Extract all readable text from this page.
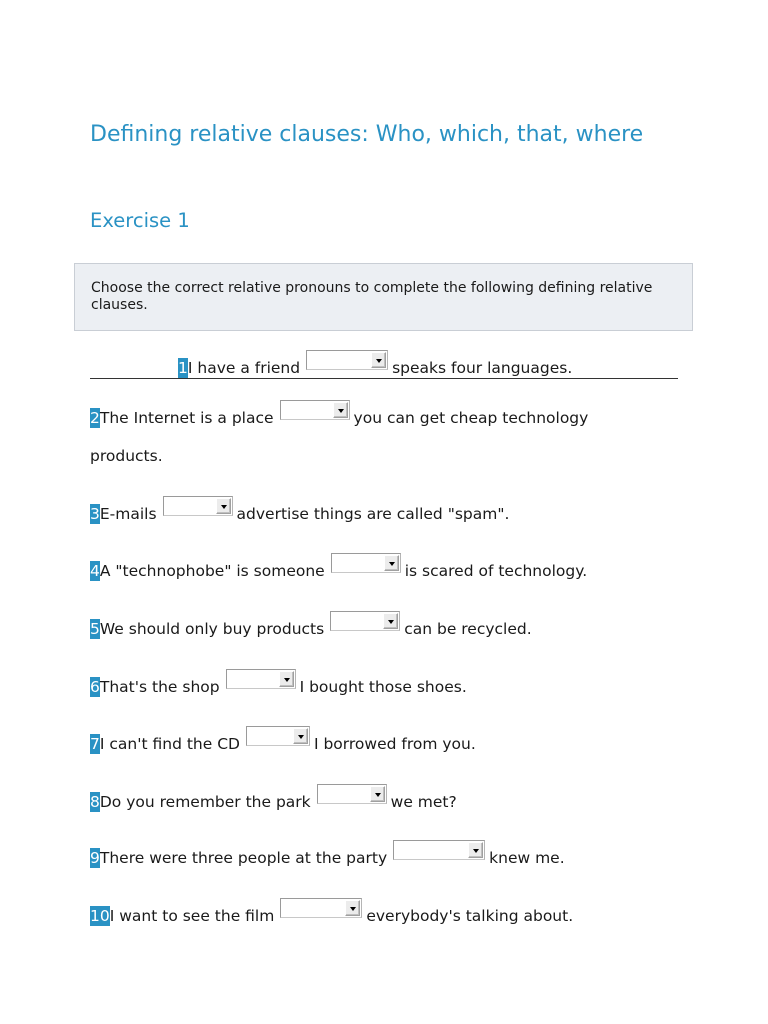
Defining relative clauses: Who, which, that, where
Exercise 1
Choose the correct relative pronouns to complete the following defining relative clauses.
1I have a friend	speaks four languages.
2The Internet is a place	you can get cheap technology
products.
3E-mails	advertise things are called "spam".
4A "technophobe" is someone	is scared of technology.
5We should only buy products	can be recycled.
6That's the shop	I bought those shoes.
7I can't find the CD	I borrowed from you.
8Do you remember the park	we met?
9There were three people at the party	knew me.
10I want to see the film	everybody's talking about.
